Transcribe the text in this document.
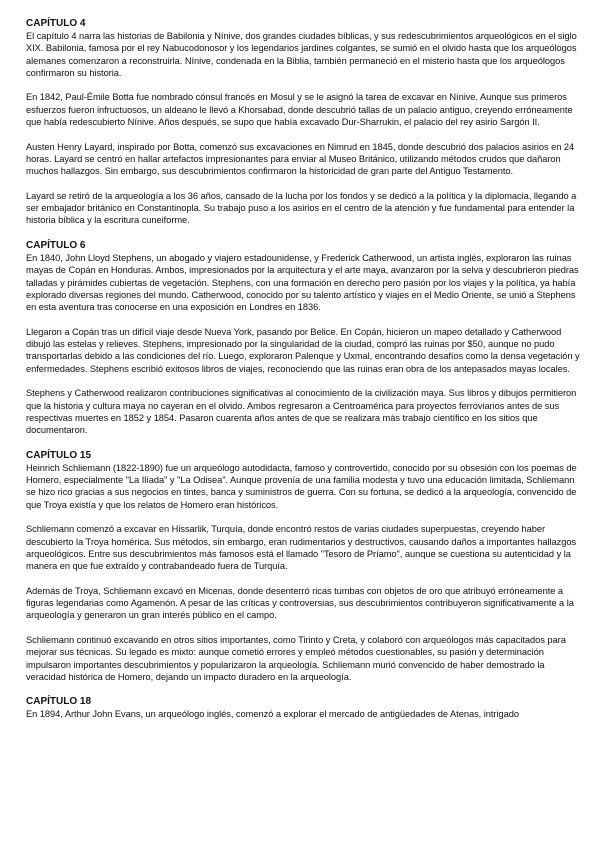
CAPÍTULO 4

El capítulo 4 narra las historias de Babilonia y Nínive, dos grandes ciudades bíblicas, y sus redescubrimientos arqueológicos en el siglo XIX. Babilonia, famosa por el rey Nabucodonosor y los legendarios jardines colgantes, se sumió en el olvido hasta que los arqueólogos alemanes comenzaron a reconstruirla. Nínive, condenada en la Biblia, también permaneció en el misterio hasta que los arqueólogos confirmaron su historia.

En 1842, Paul-Émile Botta fue nombrado cónsul francés en Mosul y se le asignó la tarea de excavar en Nínive. Aunque sus primeros esfuerzos fueron infructuosos, un aldeano le llevó a Khorsabad, donde descubrió tallas de un palacio antiguo, creyendo erróneamente que había redescubierto Nínive. Años después, se supo que había excavado Dur-Sharrukin, el palacio del rey asirio Sargón II.

Austen Henry Layard, inspirado por Botta, comenzó sus excavaciones en Nimrud en 1845, donde descubrió dos palacios asirios en 24 horas. Layard se centró en hallar artefactos impresionantes para enviar al Museo Británico, utilizando métodos crudos que dañaron muchos hallazgos. Sin embargo, sus descubrimientos confirmaron la historicidad de gran parte del Antiguo Testamento.

Layard se retiró de la arqueología a los 36 años, cansado de la lucha por los fondos y se dedicó a la política y la diplomacia, llegando a ser embajador británico en Constantinopla. Su trabajo puso a los asirios en el centro de la atención y fue fundamental para entender la historia bíblica y la escritura cuneiforme.

CAPÍTULO 6

En 1840, John Lloyd Stephens, un abogado y viajero estadounidense, y Frederick Catherwood, un artista inglés, exploraron las ruinas mayas de Copán en Honduras. Ambos, impresionados por la arquitectura y el arte maya, avanzaron por la selva y descubrieron piedras talladas y pirámides cubiertas de vegetación. Stephens, con una formación en derecho pero pasión por los viajes y la política, ya había explorado diversas regiones del mundo. Catherwood, conocido por su talento artístico y viajes en el Medio Oriente, se unió a Stephens en esta aventura tras conocerse en una exposición en Londres en 1836.

Llegaron a Copán tras un difícil viaje desde Nueva York, pasando por Belice. En Copán, hicieron un mapeo detallado y Catherwood dibujó las estelas y relieves. Stephens, impresionado por la singularidad de la ciudad, compró las ruinas por $50, aunque no pudo transportarlas debido a las condiciones del río. Luego, exploraron Palenque y Uxmal, encontrando desafíos como la densa vegetación y enfermedades. Stephens escribió exitosos libros de viajes, reconociendo que las ruinas eran obra de los antepasados mayas locales.

Stephens y Catherwood realizaron contribuciones significativas al conocimiento de la civilización maya. Sus libros y dibujos permitieron que la historia y cultura maya no cayeran en el olvido. Ambos regresaron a Centroamérica para proyectos ferroviarios antes de sus respectivas muertes en 1852 y 1854. Pasaron cuarenta años antes de que se realizara más trabajo científico en los sitios que documentaron.

CAPÍTULO 15

Heinrich Schliemann (1822-1890) fue un arqueólogo autodidacta, famoso y controvertido, conocido por su obsesión con los poemas de Homero, especialmente "La Ilíada" y "La Odisea". Aunque provenía de una familia modesta y tuvo una educación limitada, Schliemann se hizo rico gracias a sus negocios en tintes, banca y suministros de guerra. Con su fortuna, se dedicó a la arqueología, convencido de que Troya existía y que los relatos de Homero eran históricos.

Schliemann comenzó a excavar en Hissarlik, Turquía, donde encontró restos de varias ciudades superpuestas, creyendo haber descubierto la Troya homérica. Sus métodos, sin embargo, eran rudimentarios y destructivos, causando daños a importantes hallazgos arqueológicos. Entre sus descubrimientos más famosos está el llamado "Tesoro de Príamo", aunque se cuestiona su autenticidad y la manera en que fue extraído y contrabandeado fuera de Turquía.

Además de Troya, Schliemann excavó en Micenas, donde desenterró ricas tumbas con objetos de oro que atribuyó erróneamente a figuras legendarias como Agamenón. A pesar de las críticas y controversias, sus descubrimientos contribuyeron significativamente a la arqueología y generaron un gran interés público en el campo.

Schliemann continuó excavando en otros sitios importantes, como Tirinto y Creta, y colaboró con arqueólogos más capacitados para mejorar sus técnicas. Su legado es mixto: aunque cometió errores y empleó métodos cuestionables, su pasión y determinación impulsaron importantes descubrimientos y popularizaron la arqueología. Schliemann murió convencido de haber demostrado la veracidad histórica de Homero, dejando un impacto duradero en la arqueología.

CAPÍTULO 18

En 1894, Arthur John Evans, un arqueólogo inglés, comenzó a explorar el mercado de antigüedades de Atenas, intrigado
